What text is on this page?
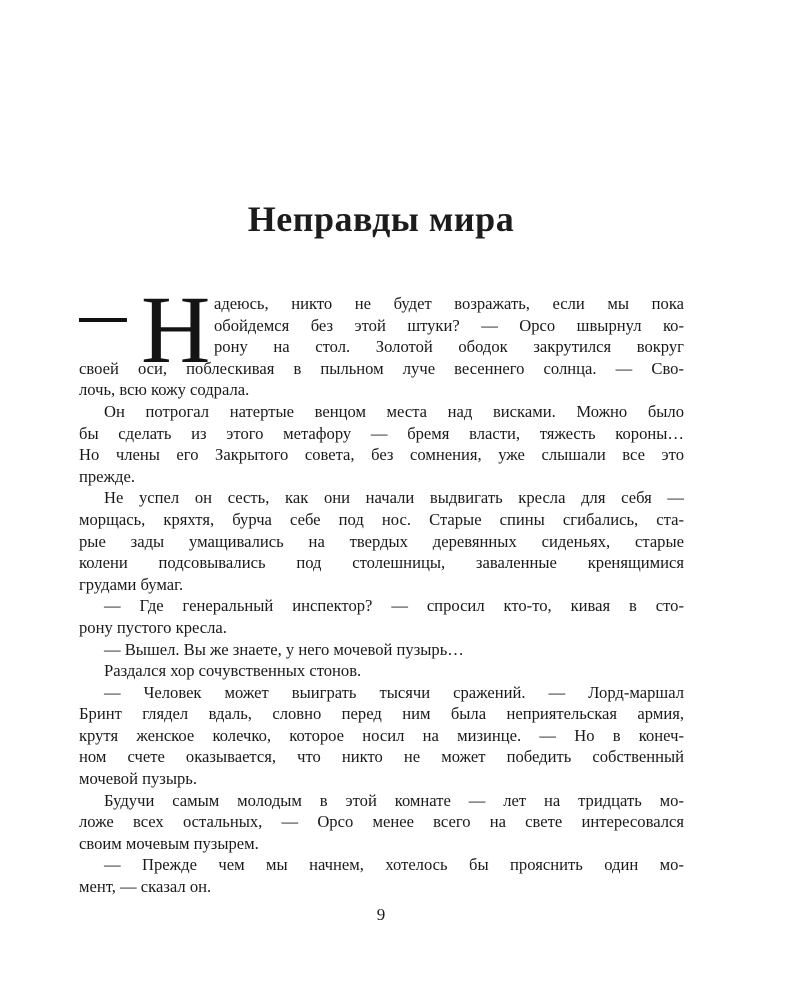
Неправды мира
Н адеюсь, никто не будет возражать, если мы пока
обойдемся без этой штуки? — Орсо швырнул ко-
рону на стол. Золотой ободок закрутился вокруг
своей оси, поблескивая в пыльном луче весеннего солнца. — Сво-
лочь, всю кожу содрала.
Он потрогал натертые венцом места над висками. Можно было
бы сделать из этого метафору — бремя власти, тяжесть короны…
Но члены его Закрытого совета, без сомнения, уже слышали все это
прежде.
Не успел он сесть, как они начали выдвигать кресла для себя —
морщась, кряхтя, бурча себе под нос. Старые спины сгибались, ста-
рые зады умащивались на твердых деревянных сиденьях, старые
колени подсовывались под столешницы, заваленные кренящимися
грудами бумаг.
— Где генеральный инспектор? — спросил кто-то, кивая в сто-
рону пустого кресла.
— Вышел. Вы же знаете, у него мочевой пузырь…
Раздался хор сочувственных стонов.
— Человек может выиграть тысячи сражений. — Лорд-маршал
Бринт глядел вдаль, словно перед ним была неприятельская армия,
крутя женское колечко, которое носил на мизинце. — Но в конеч-
ном счете оказывается, что никто не может победить собственный
мочевой пузырь.
Будучи самым молодым в этой комнате — лет на тридцать мо-
ложе всех остальных, — Орсо менее всего на свете интересовался
своим мочевым пузырем.
— Прежде чем мы начнем, хотелось бы прояснить один мо-
мент, — сказал он.
9
